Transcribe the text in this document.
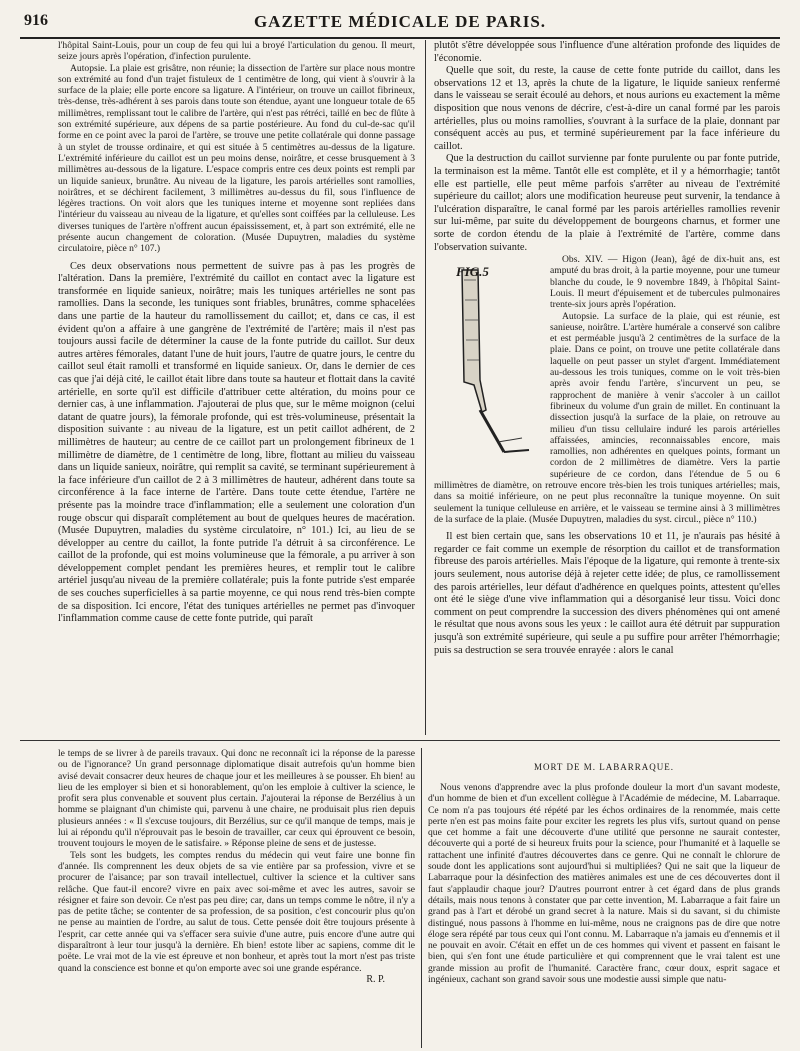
916	GAZETTE MÉDICALE DE PARIS.

l'hôpital Saint-Louis, pour un coup de feu qui lui a broyé l'articulation du genou. Il meurt, seize jours après l'opération, d'infection purulente.

Autopsie. La plaie est grisâtre, non réunie; la dissection de l'artère sur place nous montre son extrémité au fond d'un trajet fistuleux de 1 centimètre de long, qui vient à s'ouvrir à la surface de la plaie; elle porte encore sa ligature. A l'intérieur, on trouve un caillot fibrineux, très-dense, très-adhérent à ses parois dans toute son étendue, ayant une longueur totale de 65 millimètres, remplissant tout le calibre de l'artère, qui n'est pas rétréci, taillé en bec de flûte à son extrémité supérieure, aux dépens de sa partie postérieure. Au fond du cul-de-sac qu'il forme en ce point avec la paroi de l'artère, se trouve une petite collatérale qui donne passage à un stylet de trousse ordinaire, et qui est située à 5 centimètres au-dessus de la ligature. L'extrémité inférieure du caillot est un peu moins dense, noirâtre, et cesse brusquement à 3 millimètres au-dessous de la ligature. L'espace compris entre ces deux points est rempli par un liquide sanieux, brunâtre. Au niveau de la ligature, les parois artérielles sont ramollies, noirâtres, et se déchirent facilement, 3 millimètres au-dessus du fil, sous l'influence de légères tractions. On voit alors que les tuniques interne et moyenne sont repliées dans l'intérieur du vaisseau au niveau de la ligature, et qu'elles sont coiffées par la celluleuse. Les diverses tuniques de l'artère n'offrent aucun épaississement, et, à part son extrémité, elle ne présente aucun changement de coloration. (Musée Dupuytren, maladies du système circulatoire, pièce n° 107.)

Ces deux observations nous permettent de suivre pas à pas les progrès de l'altération. Dans la première, l'extrémité du caillot en contact avec la ligature est transformée en liquide sanieux, noirâtre; mais les tuniques artérielles ne sont pas ramollies. Dans la seconde, les tuniques sont friables, brunâtres, comme sphacelées dans une partie de la hauteur du ramollissement du caillot; et, dans ce cas, il est évident qu'on a affaire à une gangrène de l'extrémité de l'artère; mais il n'est pas toujours aussi facile de déterminer la cause de la fonte putride du caillot. Sur deux autres artères fémorales, datant l'une de huit jours, l'autre de quatre jours, le centre du caillot seul était ramolli et transformé en liquide sanieux. Or, dans le dernier de ces cas que j'ai déjà cité, le caillot était libre dans toute sa hauteur et flottait dans la cavité artérielle, en sorte qu'il est difficile d'attribuer cette altération, du moins pour ce dernier cas, à une inflammation. J'ajouterai de plus que, sur le même moignon (celui datant de quatre jours), la fémorale profonde, qui est très-volumineuse, présentait la disposition suivante : au niveau de la ligature, est un petit caillot adhérent, de 2 millimètres de hauteur; au centre de ce caillot part un prolongement fibrineux de 1 millimètre de diamètre, de 1 centimètre de long, libre, flottant au milieu du vaisseau dans un liquide sanieux, noirâtre, qui remplit sa cavité, se terminant supérieurement à la face inférieure d'un caillot de 2 à 3 millimètres de hauteur, adhérent dans toute sa circonférence à la face interne de l'artère. Dans toute cette étendue, l'artère ne présente pas la moindre trace d'inflammation; elle a seulement une coloration d'un rouge obscur qui disparaît complétement au bout de quelques heures de macération. (Musée Dupuytren, maladies du système circulatoire, n° 101.) Ici, au lieu de se développer au centre du caillot, la fonte putride l'a détruit à sa circonférence. Le caillot de la profonde, qui est moins volumineuse que la fémorale, a pu arriver à son développement complet pendant les premières heures, et remplir tout le calibre artériel jusqu'au niveau de la première collatérale; puis la fonte putride s'est emparée de ses couches superficielles à sa partie moyenne, ce qui nous rend très-bien compte de sa disposition. Ici encore, l'état des tuniques artérielles ne permet pas d'invoquer l'inflammation comme cause de cette fonte putride, qui paraît

plutôt s'être développée sous l'influence d'une altération profonde des liquides de l'économie.

Quelle que soit, du reste, la cause de cette fonte putride du caillot, dans les observations 12 et 13, après la chute de la ligature, le liquide sanieux renfermé dans le vaisseau se serait écoulé au dehors, et nous aurions eu exactement la même disposition que nous venons de décrire, c'est-à-dire un canal formé par les parois artérielles, plus ou moins ramollies, s'ouvrant à la surface de la plaie, donnant par conséquent accès au pus, et terminé supérieurement par la face inférieure du caillot.

Que la destruction du caillot survienne par fonte purulente ou par fonte putride, la terminaison est la même. Tantôt elle est complète, et il y a hémorrhagie; tantôt elle est partielle, elle peut même parfois s'arrêter au niveau de l'extrémité supérieure du caillot; alors une modification heureuse peut survenir, la tendance à l'ulcération disparaître, le canal formé par les parois artérielles ramollies revenir sur lui-même, par suite du développement de bourgeons charnus, et former une sorte de cordon étendu de la plaie à l'extrémité de l'artère, comme dans l'observation suivante.

FIG.5

Obs. XIV. — Higon (Jean), âgé de dix-huit ans, est amputé du bras droit, à la partie moyenne, pour une tumeur blanche du coude, le 9 novembre 1849, à l'hôpital Saint-Louis. Il meurt d'épuisement et de tubercules pulmonaires trente-six jours après l'opération.

Autopsie. La surface de la plaie, qui est réunie, est sanieuse, noirâtre. L'artère humérale a conservé son calibre et est perméable jusqu'à 2 centimètres de la surface de la plaie. Dans ce point, on trouve une petite collatérale dans laquelle on peut passer un stylet d'argent. Immédiatement au-dessous les trois tuniques, comme on le voit très-bien après avoir fendu l'artère, s'incurvent un peu, se rapprochent de manière à venir s'accoler à un caillot fibrineux du volume d'un grain de millet. En continuant la dissection jusqu'à la surface de la plaie, on retrouve au milieu d'un tissu cellulaire induré les parois artérielles affaissées, amincies, reconnaissables encore, mais ramollies, non adhérentes en quelques points, formant un cordon de 2 millimètres de diamètre. Vers la partie supérieure de ce cordon, dans l'étendue de 5 ou 6 millimètres de diamètre, on retrouve encore très-bien les trois tuniques artérielles; mais, dans sa moitié inférieure, on ne peut plus reconnaître la tunique moyenne. On suit seulement la tunique celluleuse en arrière, et le vaisseau se termine ainsi à 3 millimètres de la surface de la plaie. (Musée Dupuytren, maladies du syst. circul., pièce n° 110.)

Il est bien certain que, sans les observations 10 et 11, je n'aurais pas hésité à regarder ce fait comme un exemple de résorption du caillot et de transformation fibreuse des parois artérielles. Mais l'époque de la ligature, qui remonte à trente-six jours seulement, nous autorise déjà à rejeter cette idée; de plus, ce ramollissement des parois artérielles, leur défaut d'adhérence en quelques points, attestent qu'elles ont été le siège d'une vive inflammation qui a désorganisé leur tissu. Voici donc comment on peut comprendre la succession des divers phénomènes qui ont amené le résultat que nous avons sous les yeux : le caillot aura été détruit par suppuration jusqu'à son extrémité supérieure, qui seule a pu suffire pour arrêter l'hémorrhagie; puis sa destruction se sera trouvée enrayée : alors le canal

le temps de se livrer à de pareils travaux. Qui donc ne reconnaît ici la réponse de la paresse ou de l'ignorance? Un grand personnage diplomatique disait autrefois qu'un homme bien avisé devait consacrer deux heures de chaque jour et les meilleures à se pousser. Eh bien! au lieu de les employer si bien et si honorablement, qu'on les emploie à cultiver la science, le profit sera plus convenable et souvent plus certain. J'ajouterai la réponse de Berzélius à un homme se plaignant d'un chimiste qui, parvenu à une chaire, ne produisait plus rien depuis plusieurs années : « Il s'excuse toujours, dit Berzélius, sur ce qu'il manque de temps, mais je lui ai répondu qu'il n'éprouvait pas le besoin de travailler, car ceux qui éprouvent ce besoin, trouvent toujours le moyen de le satisfaire. » Réponse pleine de sens et de justesse.

Tels sont les budgets, les comptes rendus du médecin qui veut faire une bonne fin d'année. Ils comprennent les deux objets de sa vie entière par sa profession, vivre et se procurer de l'aisance; par son travail intellectuel, cultiver la science et la cultiver sans relâche. Que faut-il encore? vivre en paix avec soi-même et avec les autres, savoir se résigner et faire son devoir. Ce n'est pas peu dire; car, dans un temps comme le nôtre, il n'y a pas de petite tâche; se contenter de sa profession, de sa position, c'est concourir plus qu'on ne pense au maintien de l'ordre, au salut de tous. Cette pensée doit être toujours présente à l'esprit, car cette année qui va s'effacer sera suivie d'une autre, puis encore d'une autre qui disparaîtront à leur tour jusqu'à la dernière. Eh bien! estote liber ac sapiens, comme dit le poëte. Le vrai mot de la vie est épreuve et non bonheur, et après tout la mort n'est pas triste quand la conscience est bonne et qu'on emporte avec soi une grande espérance.

R. P.
MORT DE M. LABARRAQUE.

Nous venons d'apprendre avec la plus profonde douleur la mort d'un savant modeste, d'un homme de bien et d'un excellent collègue à l'Académie de médecine, M. Labarraque. Ce nom n'a pas toujours été répété par les échos ordinaires de la renommée, mais cette perte n'en est pas moins faite pour exciter les regrets les plus vifs, surtout quand on pense que cet homme a fait une découverte d'une utilité que personne ne saurait contester, découverte qui a porté de si heureux fruits pour la science, pour l'humanité et à laquelle se rattachent une infinité d'autres découvertes dans ce genre. Qui ne connaît le chlorure de soude dont les applications sont aujourd'hui si multipliées? Qui ne sait que la liqueur de Labarraque pour la désinfection des matières animales est une de ces découvertes dont il faut s'applaudir chaque jour? D'autres pourront entrer à cet égard dans de plus grands détails, mais nous tenons à constater que par cette invention, M. Labarraque a fait faire un grand pas à l'art et dérobé un grand secret à la nature. Mais si du savant, si du chimiste distingué, nous passons à l'homme en lui-même, nous ne craignons pas de dire que notre éloge sera répété par tous ceux qui l'ont connu. M. Labarraque n'a jamais eu d'ennemis et il ne pouvait en avoir. C'était en effet un de ces hommes qui vivent et passent en faisant le bien, qui s'en font une étude particulière et qui comprennent que le vrai talent est une grande mission au profit de l'humanité. Caractère franc, cœur doux, esprit sagace et ingénieux, cachant son grand savoir sous une modestie aussi simple que natu-
